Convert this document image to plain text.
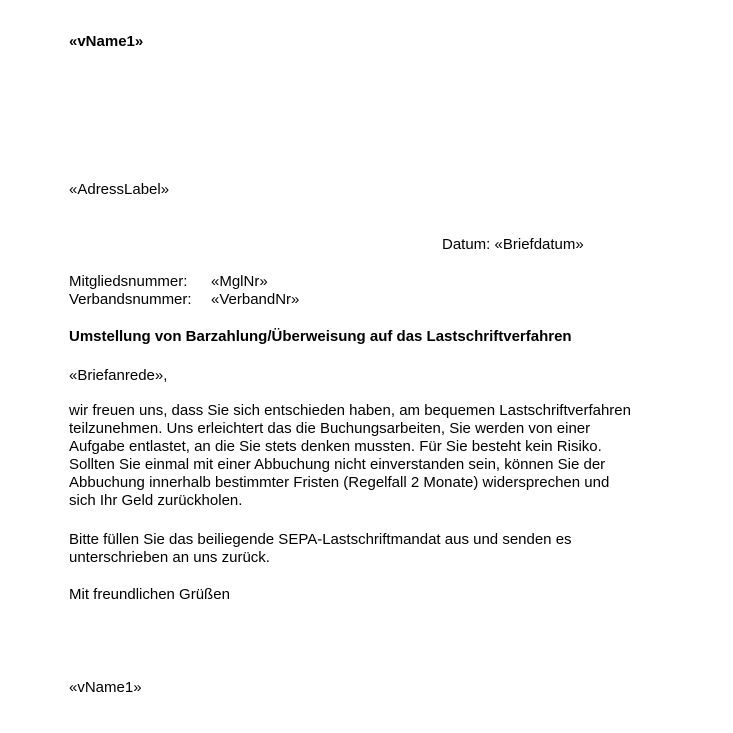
«vName1»
«AdressLabel»
Datum: «Briefdatum»
Mitgliedsnummer: «MglNr»
Verbandsnummer: «VerbandNr»
Umstellung von Barzahlung/Überweisung auf das Lastschriftverfahren
«Briefanrede»,
wir freuen uns, dass Sie sich entschieden haben, am bequemen Lastschriftverfahren
teilzunehmen. Uns erleichtert das die Buchungsarbeiten, Sie werden von einer
Aufgabe entlastet, an die Sie stets denken mussten. Für Sie besteht kein Risiko.
Sollten Sie einmal mit einer Abbuchung nicht einverstanden sein, können Sie der
Abbuchung innerhalb bestimmter Fristen (Regelfall 2 Monate) widersprechen und
sich Ihr Geld zurückholen.
Bitte füllen Sie das beiliegende SEPA-Lastschriftmandat aus und senden es
unterschrieben an uns zurück.
Mit freundlichen Grüßen
«vName1»
